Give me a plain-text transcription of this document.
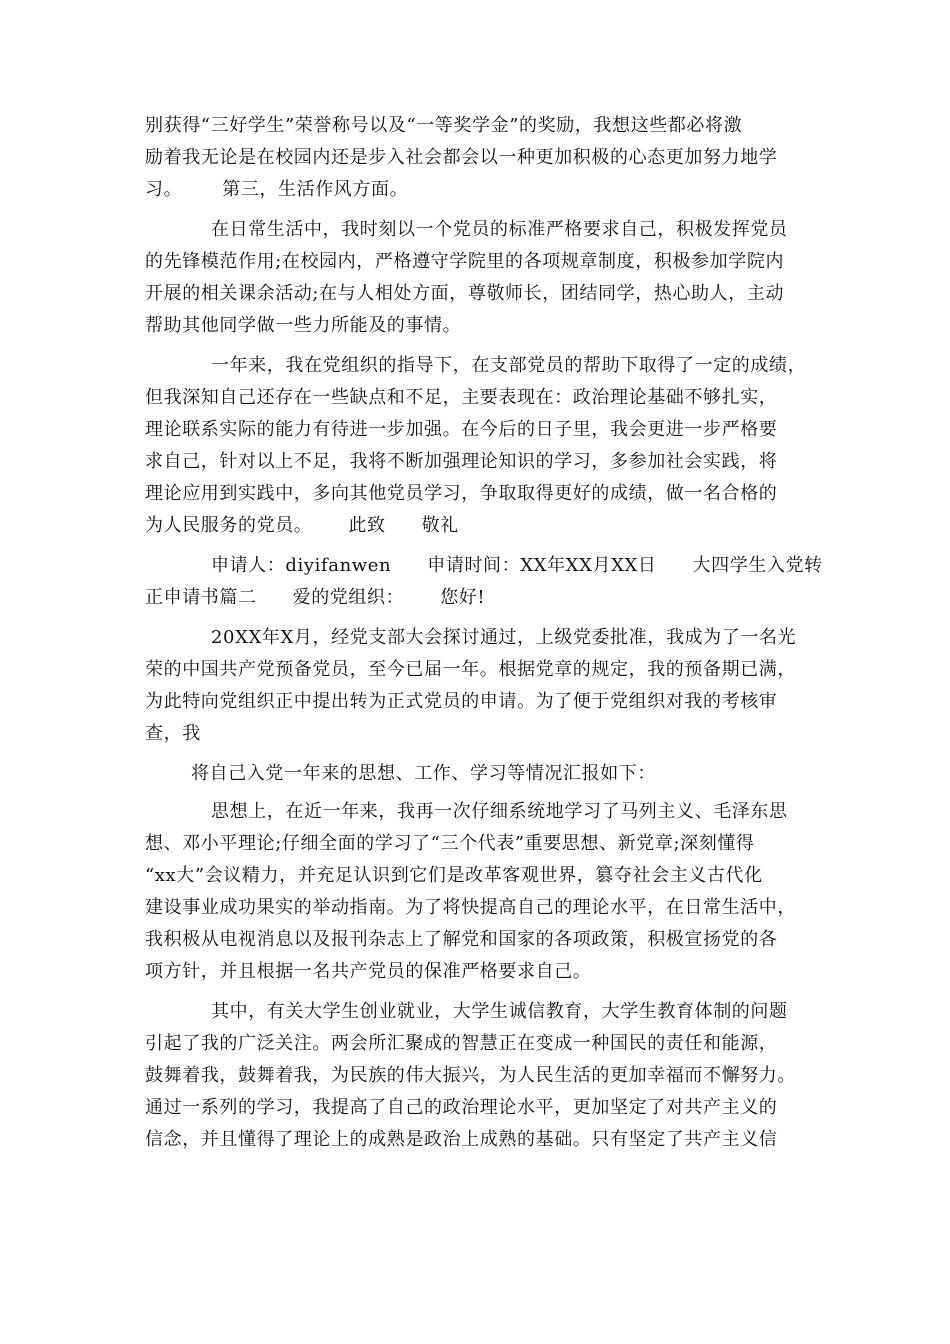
别获得“三好学生”荣誉称号以及“一等奖学金”的奖励，我想这些都必将激
励着我无论是在校园内还是步入社会都会以一种更加积极的心态更加努力地学
习。 第三，生活作风方面。

在日常生活中，我时刻以一个党员的标准严格要求自己，积极发挥党员
的先锋模范作用;在校园内，严格遵守学院里的各项规章制度，积极参加学院内
开展的相关课余活动;在与人相处方面，尊敬师长，团结同学，热心助人，主动
帮助其他同学做一些力所能及的事情。

一年来，我在党组织的指导下，在支部党员的帮助下取得了一定的成绩，
但我深知自己还存在一些缺点和不足，主要表现在：政治理论基础不够扎实，
理论联系实际的能力有待进一步加强。在今后的日子里，我会更进一步严格要
求自己，针对以上不足，我将不断加强理论知识的学习，多参加社会实践，将
理论应用到实践中，多向其他党员学习，争取取得更好的成绩，做一名合格的
为人民服务的党员。 此致 敬礼

申请人：diyifanwen 申请时间：XX年XX月XX日 大四学生入党转
正申请书篇二 爱的党组织： 您好!

20XX年X月，经党支部大会探讨通过，上级党委批准，我成为了一名光
荣的中国共产党预备党员，至今已届一年。根据党章的规定，我的预备期已满，
为此特向党组织正中提出转为正式党员的申请。为了便于党组织对我的考核审
查，我

将自己入党一年来的思想、工作、学习等情况汇报如下：

思想上，在近一年来，我再一次仔细系统地学习了马列主义、毛泽东思
想、邓小平理论;仔细全面的学习了“三个代表”重要思想、新党章;深刻懂得
“xx大”会议精力，并充足认识到它们是改革客观世界，篡夺社会主义古代化
建设事业成功果实的举动指南。为了将快提高自己的理论水平，在日常生活中，
我积极从电视消息以及报刊杂志上了解党和国家的各项政策，积极宣扬党的各
项方针，并且根据一名共产党员的保准严格要求自己。

其中，有关大学生创业就业，大学生诚信教育，大学生教育体制的问题
引起了我的广泛关注。两会所汇聚成的智慧正在变成一种国民的责任和能源，
鼓舞着我，鼓舞着我，为民族的伟大振兴，为人民生活的更加幸福而不懈努力。
通过一系列的学习，我提高了自己的政治理论水平，更加坚定了对共产主义的
信念，并且懂得了理论上的成熟是政治上成熟的基础。只有坚定了共产主义信
